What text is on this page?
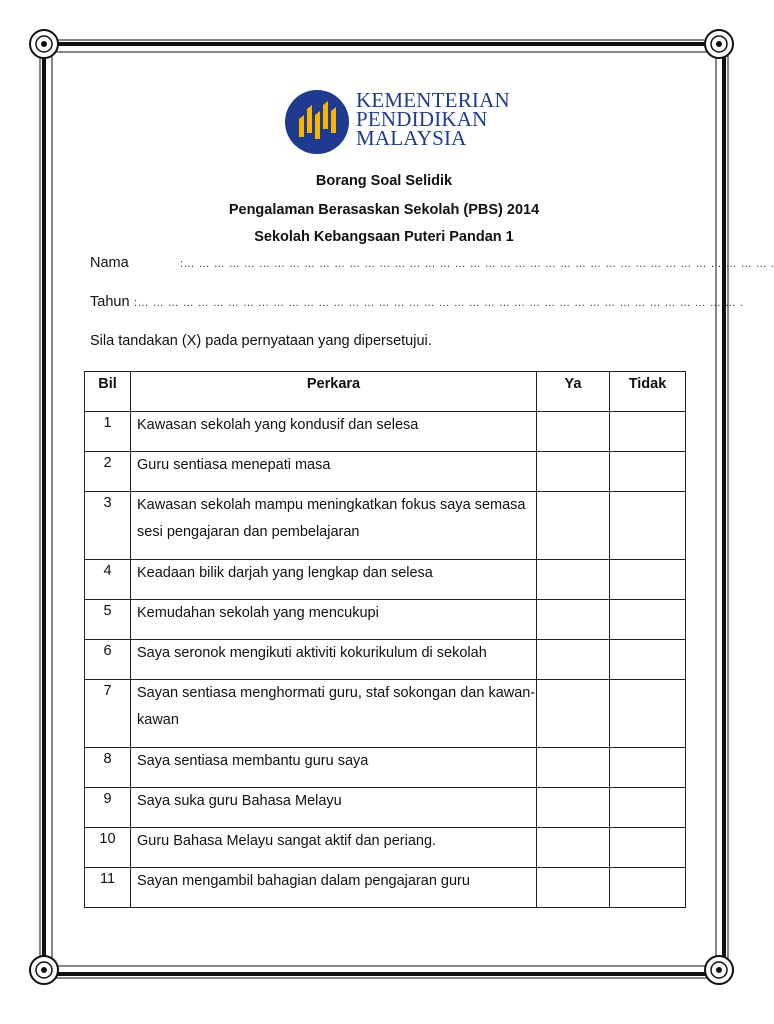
KEMENTERIAN
PENDIDIKAN
MALAYSIA
Borang Soal Selidik
Pengalaman Berasaskan Sekolah (PBS) 2014
Sekolah Kebangsaan Puteri Pandan 1
Nama	:… … … … … … … … … … … … … … … … … … … … … … … … … … … … … … … … … … … … … … … .
Tahun :… … … … … … … … … … … … … … … … … … … … … … … … … … … … … … … … … … … … … … … … .
Sila tandakan (X) pada pernyataan yang dipersetujui.
Bil	Perkara	Ya	Tidak
1	Kawasan sekolah yang kondusif dan selesa		
2	Guru sentiasa menepati masa		
3	Kawasan sekolah mampu meningkatkan fokus saya semasa sesi pengajaran dan pembelajaran		
4	Keadaan bilik darjah yang lengkap dan selesa		
5	Kemudahan sekolah yang mencukupi		
6	Saya seronok mengikuti aktiviti kokurikulum di sekolah		
7	Sayan sentiasa menghormati guru, staf sokongan dan kawan-kawan		
8	Saya sentiasa membantu guru saya		
9	Saya suka guru Bahasa Melayu		
10	Guru Bahasa Melayu sangat aktif dan periang.		
11	Sayan mengambil bahagian dalam pengajaran guru		
